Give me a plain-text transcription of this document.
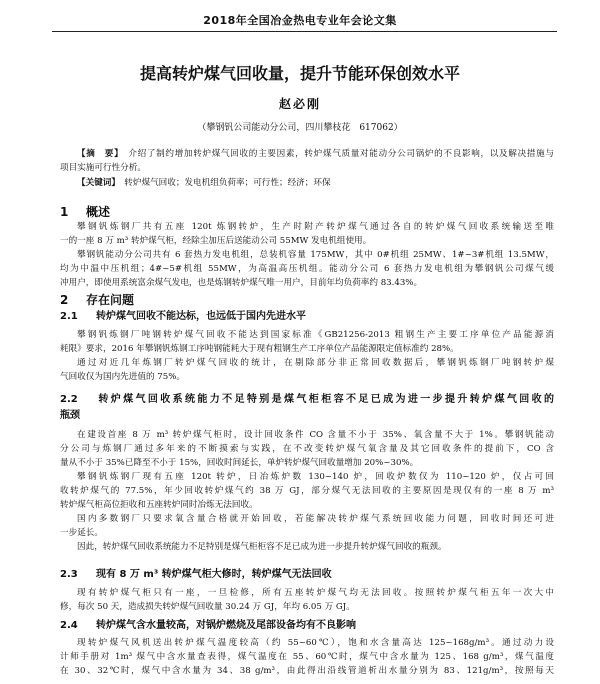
2018年全国冶金热电专业年会论文集
提高转炉煤气回收量，提升节能环保创效水平
赵必刚
（攀钢钒公司能动分公司，四川攀枝花　617062）
【摘　要】  介绍了制约增加转炉煤气回收的主要因素，转炉煤气质量对能动分公司锅炉的不良影响，以及解决措施与
项目实施可行性分析。
【关键词】  转炉煤气回收；发电机组负荷率；可行性；经济；环保
1 概述
攀钢钒炼钢厂共有五座 120t 炼钢转炉，生产时附产转炉煤气通过各自的转炉煤气回收系统输送至唯
一的一座 8 万 m³ 转炉煤气柜，经除尘加压后送能动公司 55MW 发电机组使用。
攀钢钒能动分公司共有 6 套热力发电机组，总装机容量 175MW，其中 0#机组 25MW、1#~3#机组 13.5MW，
均为中温中压机组；4#~5#机组 55MW，为高温高压机组。能动分公司 6 套热力发电机组为攀钢钒公司煤气缓
冲用户，即使用系统富余煤气发电，也是炼钢转炉煤气唯一用户，目前年均负荷率约 83.43%。
2 存在问题
2.1 转炉煤气回收不能达标，也远低于国内先进水平
攀钢钒炼钢厂吨钢转炉煤气回收不能达到国家标准《GB21256-2013 粗钢生产主要工序单位产品能源消
耗限》要求，2016 年攀钢钒炼钢工序吨钢能耗大于现有粗钢生产工序单位产品能源限定值标准约 28%。
通过对近几年炼钢厂转炉煤气回收的统计，在剔除部分非正常回收数据后，攀钢钒炼钢厂吨钢转炉煤
气回收仅为国内先进值的 75%。
2.2 转炉煤气回收系统能力不足特别是煤气柜柜容不足已成为进一步提升转炉煤气回收的
瓶颈
在建设首座 8 万 m³ 转炉煤气柜时，设计回收条件 CO 含量不小于 35%、氧含量不大于 1%。攀钢钒能动
分公司与炼钢厂通过多年来的不断摸索与实践，在不改变转炉煤气氧含量及其它回收条件的提前下，CO 含
量从不小于 35%已降至不小于 15%，回收时间延长，单炉转炉煤气回收量增加 20%~30%。
攀钢钒炼钢厂现有五座 120t 转炉，日冶炼炉数 130~140 炉，回收炉数仅为 110~120 炉，仅占可回
收转炉煤气的 77.5%，年少回收转炉煤气约 38 万 GJ，部分煤气无法回收的主要原因是现仅有的一座 8 万 m³
转炉煤气柜高位拒收和五座转炉同时冶炼无法回收。
国内多数钢厂只要求氧含量合格就开始回收，若能解决转炉煤气系统回收能力问题，回收时间还可进
一步延长。
因此，转炉煤气回收系统能力不足特别是煤气柜柜容不足已成为进一步提升转炉煤气回收的瓶颈。
2.3 现有 8 万 m³ 转炉煤气柜大修时，转炉煤气无法回收
现有转炉煤气柜只有一座，一旦检修，所有五座转炉煤气均无法回收。按照转炉煤气柜五年一次大中
修，每次 50 天，造成损失转炉煤气回收量 30.24 万 GJ，年均 6.05 万 GJ。
2.4 转炉煤气含水量较高，对锅炉燃烧及尾部设备均有不良影响
现转炉煤气风机送出转炉煤气温度较高（约 55~60℃），饱和水含量高达 125~168g/m³。通过动力设
计师手册对 1m³ 煤气中含水量查表得，煤气温度在 55、60℃时，煤气中含水量为 125、168 g/m³，煤气温度
在 30、32℃时，煤气中含水量为 34、38 g/m³，由此得出沿线管道析出水量分别为 83、121g/m³，按照每天
